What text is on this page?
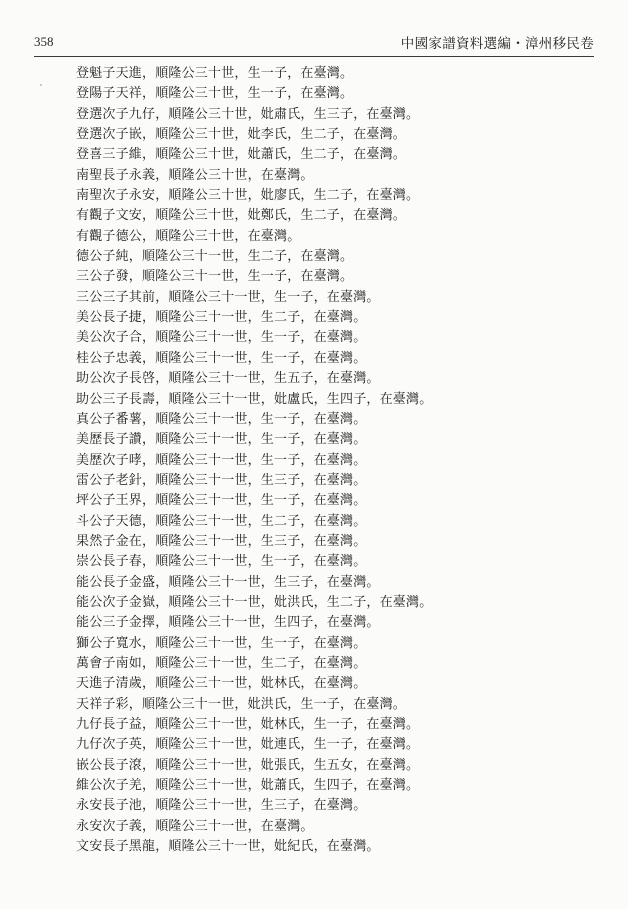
358	中國家譜資料選編・漳州移民卷
登魁子天進，順隆公三十世，生一子，在臺灣。
登陽子天祥，順隆公三十世，生一子，在臺灣。
登選次子九仔，順隆公三十世，妣肅氏，生三子，在臺灣。
登選次子嵌，順隆公三十世，妣李氏，生二子，在臺灣。
登喜三子維，順隆公三十世，妣蕭氏，生二子，在臺灣。
南聖長子永義，順隆公三十世，在臺灣。
南聖次子永安，順隆公三十世，妣廖氏，生二子，在臺灣。
有觀子文安，順隆公三十世，妣鄭氏，生二子，在臺灣。
有觀子德公，順隆公三十世，在臺灣。
德公子純，順隆公三十一世，生二子，在臺灣。
三公子發，順隆公三十一世，生一子，在臺灣。
三公三子其前，順隆公三十一世，生一子，在臺灣。
美公長子捷，順隆公三十一世，生二子，在臺灣。
美公次子合，順隆公三十一世，生一子，在臺灣。
桂公子忠義，順隆公三十一世，生一子，在臺灣。
助公次子長啓，順隆公三十一世，生五子，在臺灣。
助公三子長壽，順隆公三十一世，妣盧氏，生四子，在臺灣。
真公子番薯，順隆公三十一世，生一子，在臺灣。
美歷長子讚，順隆公三十一世，生一子，在臺灣。
美歷次子哮，順隆公三十一世，生一子，在臺灣。
雷公子老針，順隆公三十一世，生三子，在臺灣。
坪公子王界，順隆公三十一世，生一子，在臺灣。
斗公子天德，順隆公三十一世，生二子，在臺灣。
果然子金在，順隆公三十一世，生三子，在臺灣。
崇公長子春，順隆公三十一世，生一子，在臺灣。
能公長子金盛，順隆公三十一世，生三子，在臺灣。
能公次子金嶽，順隆公三十一世，妣洪氏，生二子，在臺灣。
能公三子金擇，順隆公三十一世，生四子，在臺灣。
獅公子寬水，順隆公三十一世，生一子，在臺灣。
萬會子南如，順隆公三十一世，生二子，在臺灣。
天進子清歲，順隆公三十一世，妣林氏，在臺灣。
天祥子彩，順隆公三十一世，妣洪氏，生一子，在臺灣。
九仔長子益，順隆公三十一世，妣林氏，生一子，在臺灣。
九仔次子英，順隆公三十一世，妣連氏，生一子，在臺灣。
嵌公長子滾，順隆公三十一世，妣張氏，生五女，在臺灣。
維公次子羌，順隆公三十一世，妣蕭氏，生四子，在臺灣。
永安長子池，順隆公三十一世，生三子，在臺灣。
永安次子義，順隆公三十一世，在臺灣。
文安長子黑龍，順隆公三十一世，妣紀氏，在臺灣。
